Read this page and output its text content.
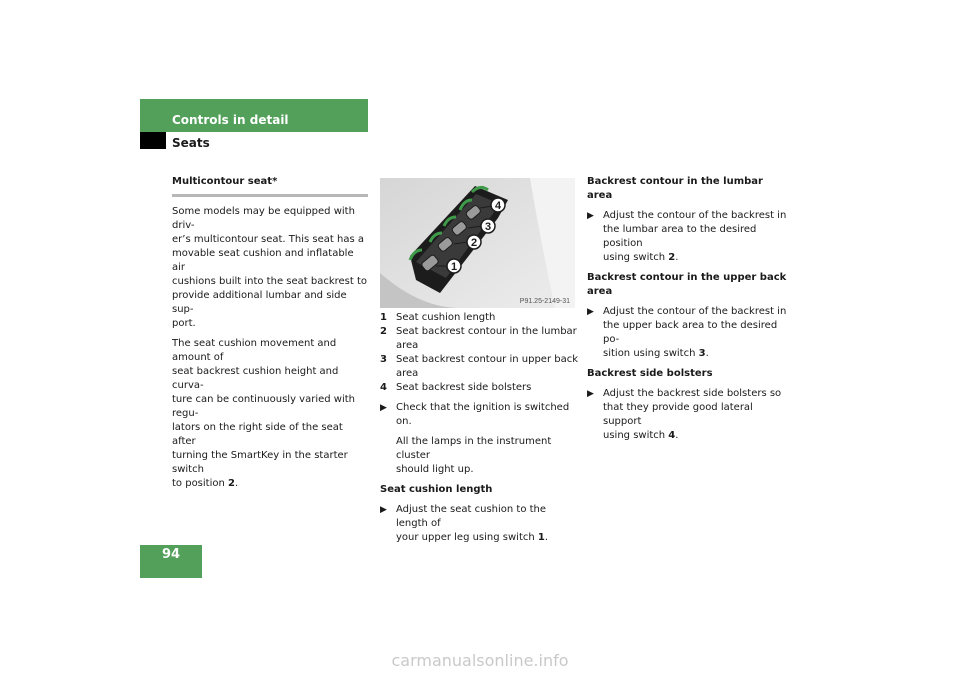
Controls in detail
Seats
Multicontour seat*

Some models may be equipped with driv-
er’s multicontour seat. This seat has a
movable seat cushion and inflatable air
cushions built into the seat backrest to
provide additional lumbar and side sup-
port.

The seat cushion movement and amount of
seat backrest cushion height and curva-
ture can be continuously varied with regu-
lators on the right side of the seat after
turning the SmartKey in the starter switch
to position 2.

1
2
3
4
P91.25-2149-31
1 Seat cushion length
2 Seat backrest contour in the lumbar
area
3 Seat backrest contour in upper back
area
4 Seat backrest side bolsters
▶ Check that the ignition is switched on.
All the lamps in the instrument cluster
should light up.

Seat cushion length

▶ Adjust the seat cushion to the length of
your upper leg using switch 1.

Backrest contour in the lumbar area

▶ Adjust the contour of the backrest in
the lumbar area to the desired position
using switch 2.

Backrest contour in the upper back
area

▶ Adjust the contour of the backrest in
the upper back area to the desired po-
sition using switch 3.

Backrest side bolsters

▶ Adjust the backrest side bolsters so
that they provide good lateral support
using switch 4.
94
carmanualsonline.info
